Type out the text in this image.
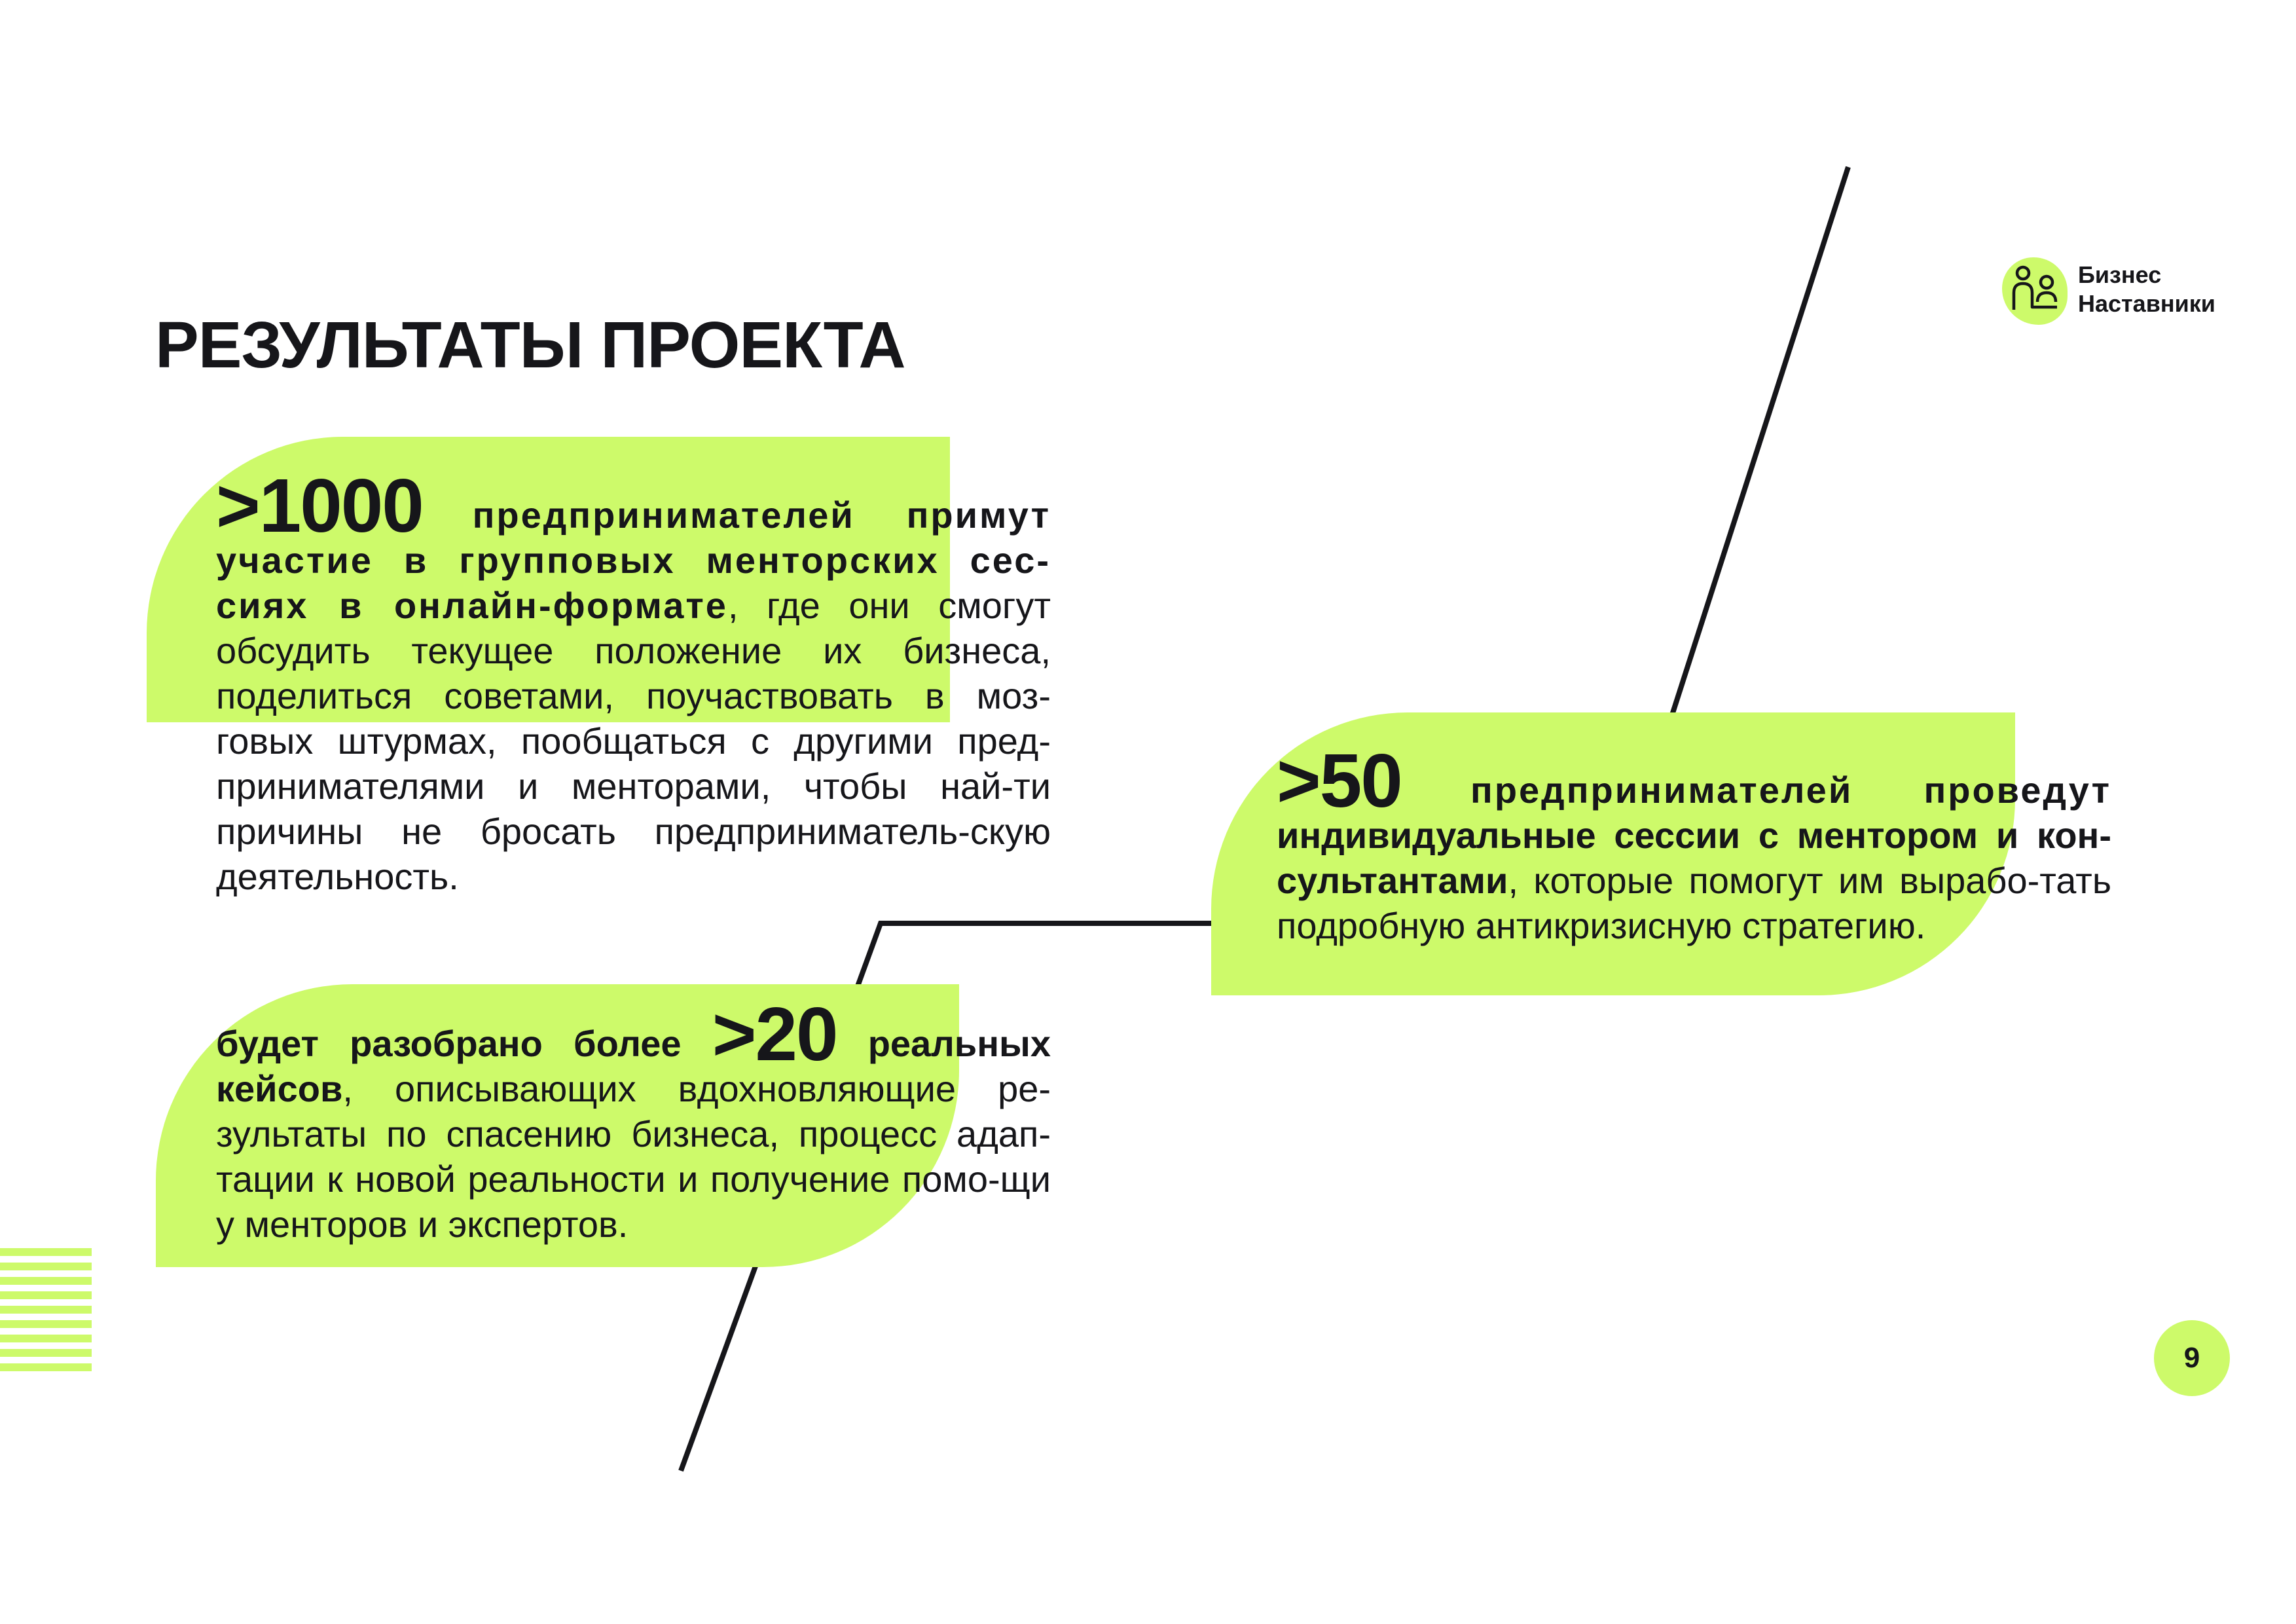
РЕЗУЛЬТАТЫ ПРОЕКТА
Бизнес
Наставники
>1000 предпринимателей примут участие в групповых менторских сес-сиях в онлайн-формате, где они смогут обсудить текущее положение их бизнеса, поделиться советами, поучаствовать в моз-говых штурмах, пообщаться с другими пред-принимателями и менторами, чтобы най-ти причины не бросать предприниматель-скую деятельность.
будет разобрано более >20 реальных кейсов, описывающих вдохновляющие ре-зультаты по спасению бизнеса, процесс адап-тации к новой реальности и получение помо-щи у менторов и экспертов.
>50 предпринимателей проведут индивидуальные сессии с ментором и кон-сультантами, которые помогут им вырабо-тать подробную антикризисную стратегию.
9
